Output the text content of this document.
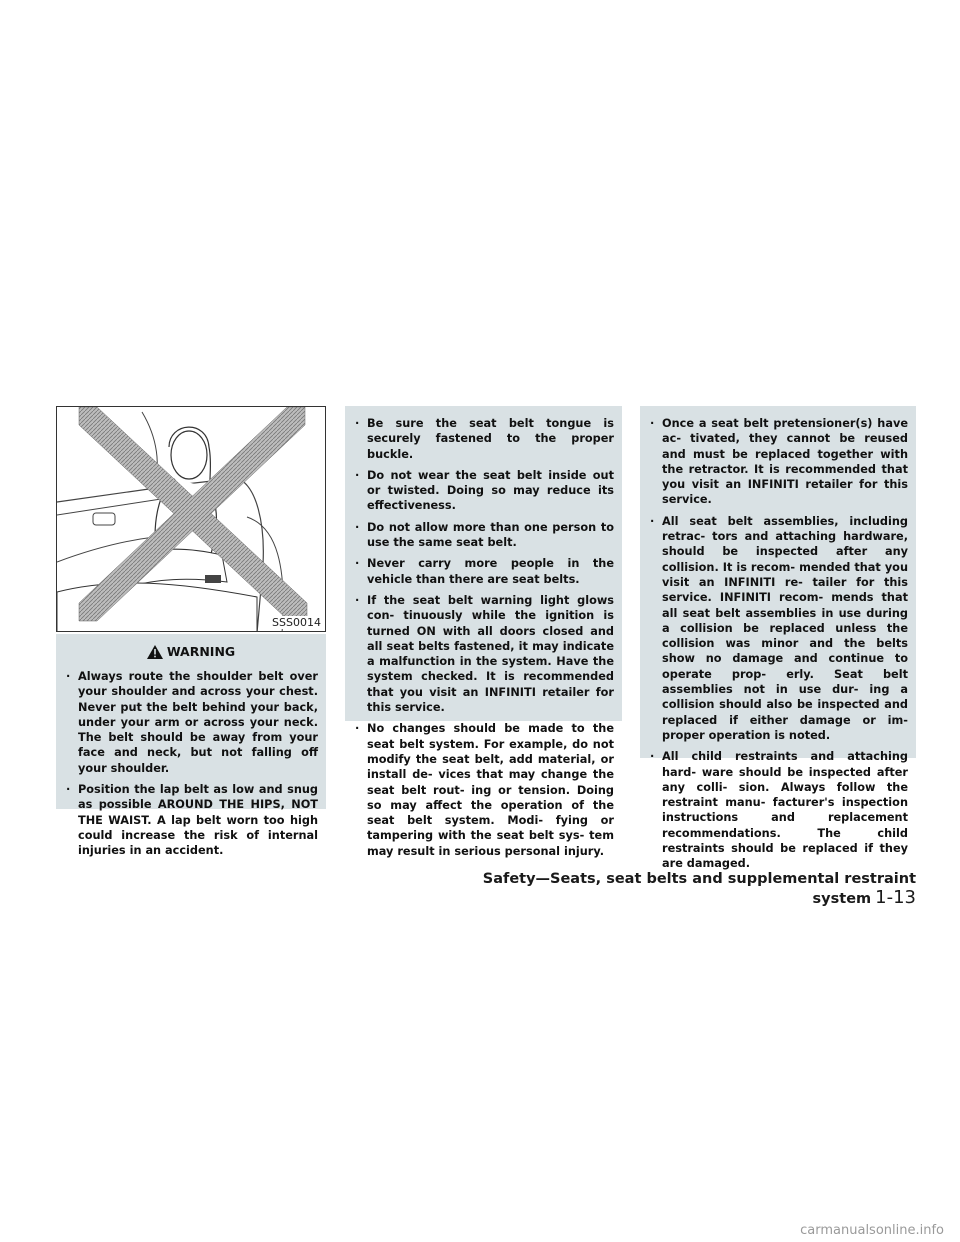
SSS0014
WARNING
· Always route the shoulder belt over your shoulder and across your chest. Never put the belt behind your back, under your arm or across your neck. The belt should be away from your face and neck, but not falling off your shoulder.
· Position the lap belt as low and snug as possible AROUND THE HIPS, NOT THE WAIST. A lap belt worn too high could increase the risk of internal injuries in an accident.
· Be sure the seat belt tongue is securely fastened to the proper buckle.
· Do not wear the seat belt inside out or twisted. Doing so may reduce its effectiveness.
· Do not allow more than one person to use the same seat belt.
· Never carry more people in the vehicle than there are seat belts.
· If the seat belt warning light glows con- tinuously while the ignition is turned ON with all doors closed and all seat belts fastened, it may indicate a malfunction in the system. Have the system checked. It is recommended that you visit an INFINITI retailer for this service.
· No changes should be made to the seat belt system. For example, do not modify the seat belt, add material, or install de- vices that may change the seat belt rout- ing or tension. Doing so may affect the operation of the seat belt system. Modi- fying or tampering with the seat belt sys- tem may result in serious personal injury.
· Once a seat belt pretensioner(s) have ac- tivated, they cannot be reused and must be replaced together with the retractor. It is recommended that you visit an INFINITI retailer for this service.
· All seat belt assemblies, including retrac- tors and attaching hardware, should be inspected after any collision. It is recom- mended that you visit an INFINITI re- tailer for this service. INFINITI recom- mends that all seat belt assemblies in use during a collision be replaced unless the collision was minor and the belts show no damage and continue to operate prop- erly. Seat belt assemblies not in use dur- ing a collision should also be inspected and replaced if either damage or im- proper operation is noted.
· All child restraints and attaching hard- ware should be inspected after any colli- sion. Always follow the restraint manu- facturer's inspection instructions and replacement recommendations. The child restraints should be replaced if they are damaged.
Safety—Seats, seat belts and supplemental restraint system 1-13
carmanualsonline.info
